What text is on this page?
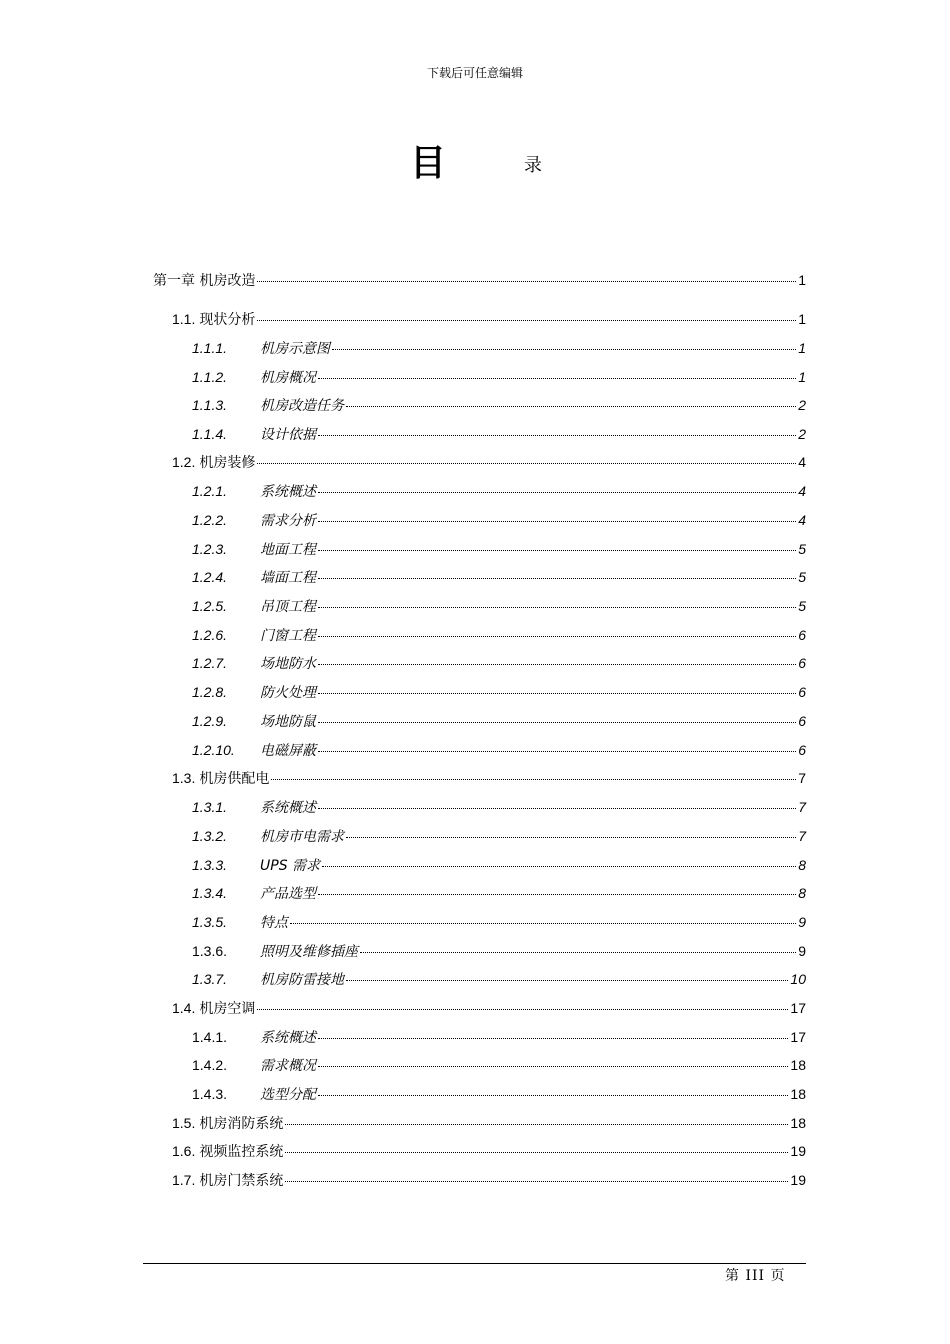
下载后可任意编辑
目	录
第一章 机房改造	1
1.1. 现状分析	1
1.1.1.	机房示意图	1
1.1.2.	机房概况	1
1.1.3.	机房改造任务	2
1.1.4.	设计依据	2
1.2. 机房装修	4
1.2.1.	系统概述	4
1.2.2.	需求分析	4
1.2.3.	地面工程	5
1.2.4.	墙面工程	5
1.2.5.	吊顶工程	5
1.2.6.	门窗工程	6
1.2.7.	场地防水	6
1.2.8.	防火处理	6
1.2.9.	场地防鼠	6
1.2.10.	电磁屏蔽	6
1.3. 机房供配电	7
1.3.1.	系统概述	7
1.3.2.	机房市电需求	7
1.3.3.	UPS 需求	8
1.3.4.	产品选型	8
1.3.5.	特点	9
1.3.6.	照明及维修插座	9
1.3.7.	机房防雷接地	10
1.4. 机房空调	17
1.4.1.	系统概述	17
1.4.2.	需求概况	18
1.4.3.	选型分配	18
1.5. 机房消防系统	18
1.6. 视频监控系统	19
1.7. 机房门禁系统	19
第 III 页
